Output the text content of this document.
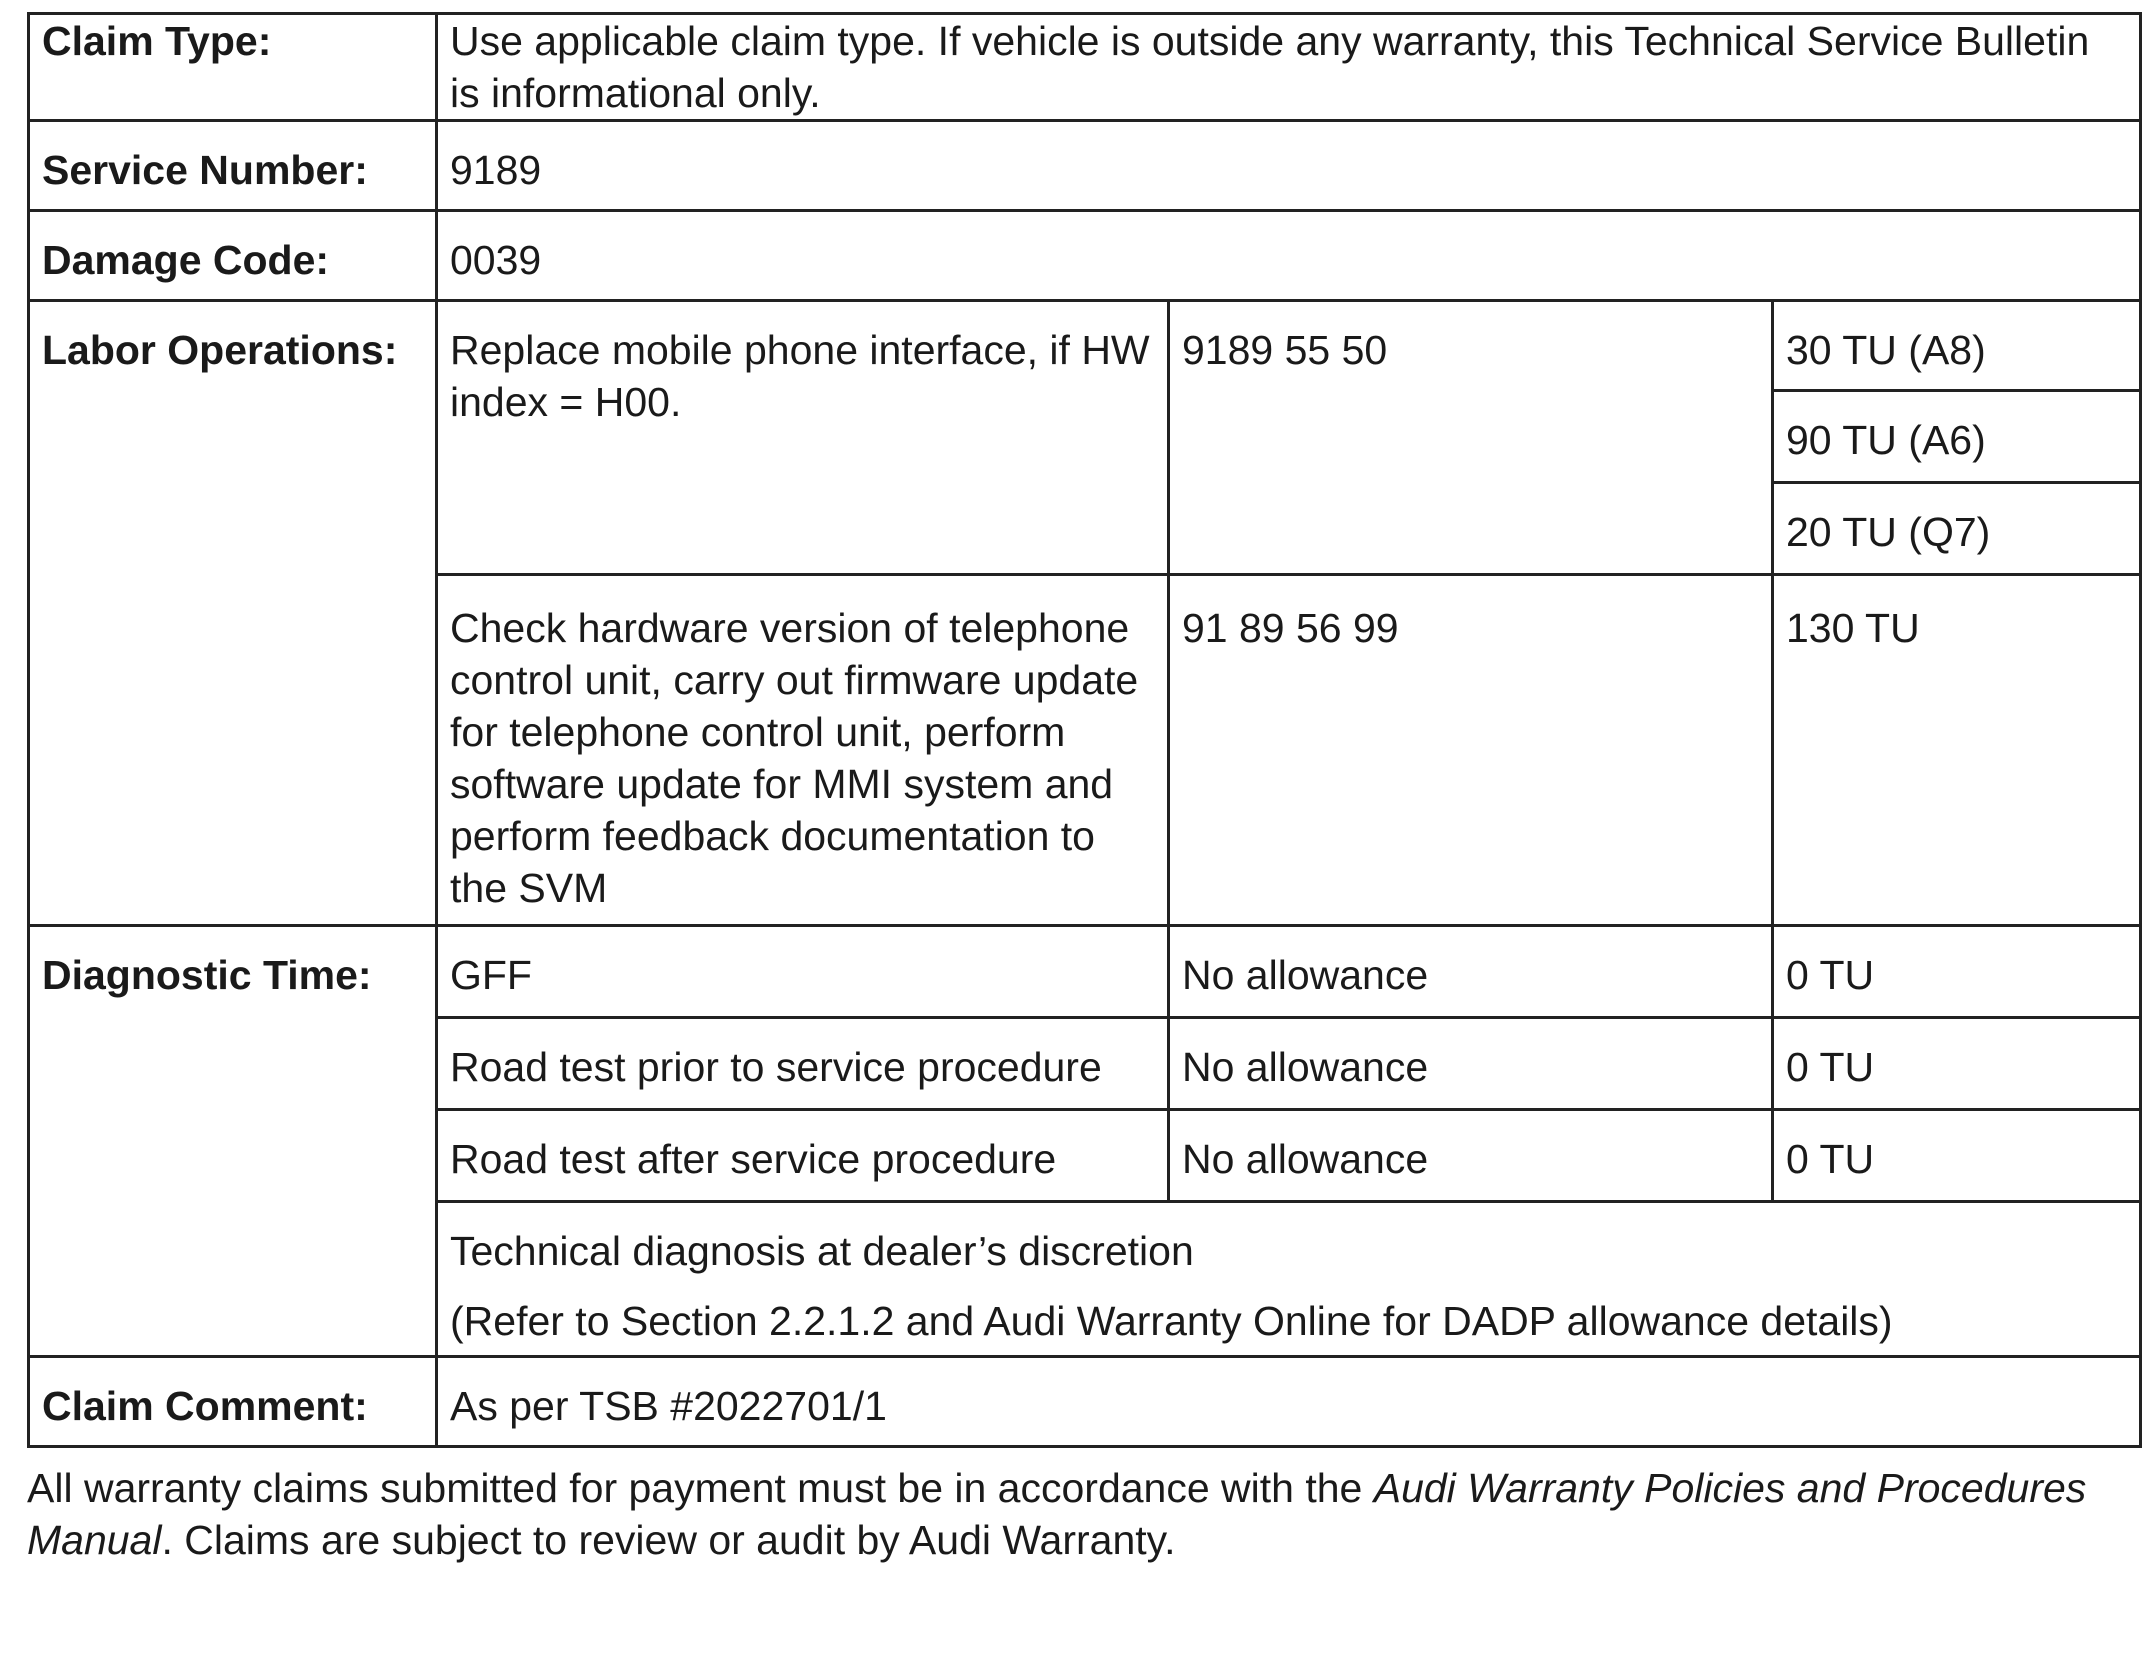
Claim Type:	Use applicable claim type. If vehicle is outside any warranty, this Technical Service Bulletin is informational only.		
Service Number:	9189		
Damage Code:	0039		
Labor Operations:	Replace mobile phone interface, if HW index = H00.	9189 55 50	30 TU (A8)
			90 TU (A6)
			20 TU (Q7)
	Check hardware version of telephone control unit, carry out firmware update for telephone control unit, perform software update for MMI system and perform feedback documentation to the SVM	91 89 56 99	130 TU
Diagnostic Time:	GFF	No allowance	0 TU
	Road test prior to service procedure	No allowance	0 TU
	Road test after service procedure	No allowance	0 TU
	Technical diagnosis at dealer’s discretion
(Refer to Section 2.2.1.2 and Audi Warranty Online for DADP allowance details)		

Claim Comment:	As per TSB #2022701/1		
All warranty claims submitted for payment must be in accordance with the Audi Warranty Policies and Procedures Manual. Claims are subject to review or audit by Audi Warranty.
